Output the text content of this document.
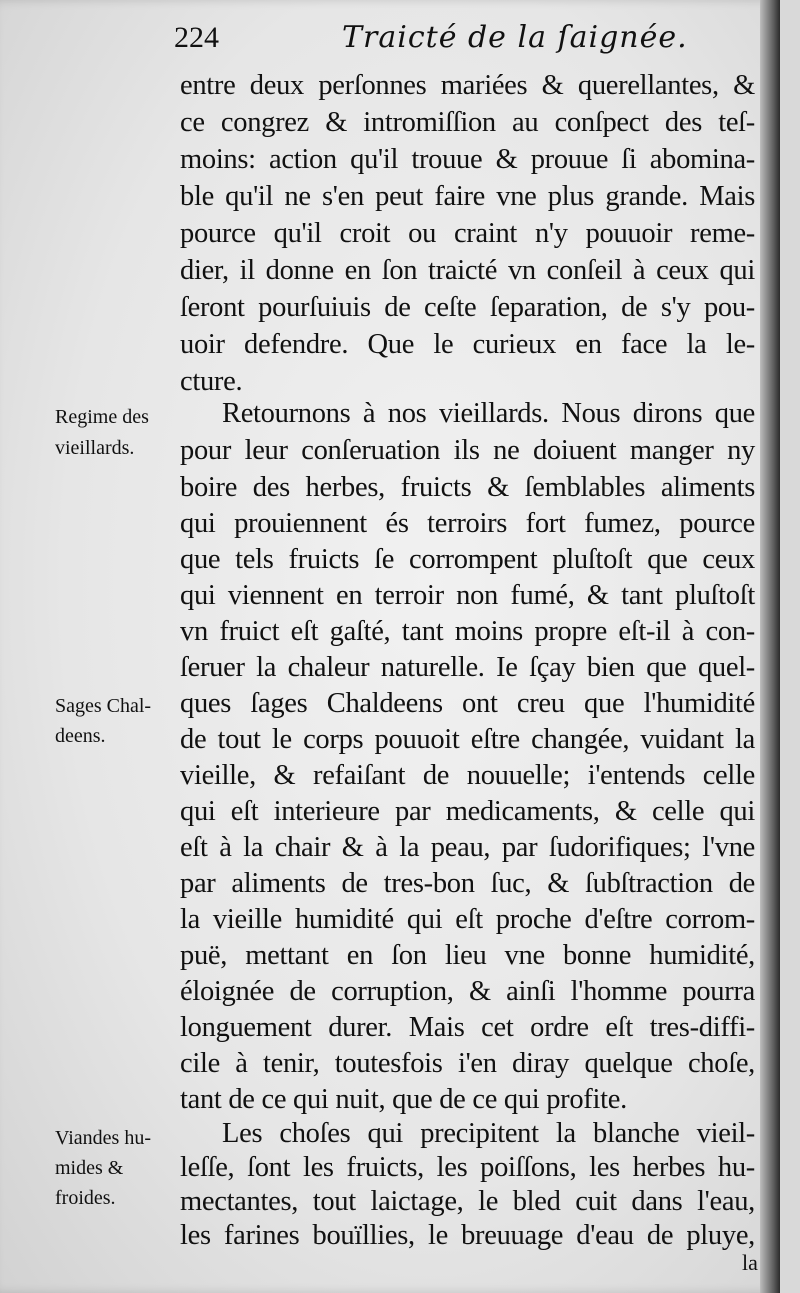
224	Traicté de la ſaignée.
entre deux perſonnes mariées & querellantes, &
ce congrez & intromiſſion au conſpect des teſ-
moins: action qu'il trouue & prouue ſi abomina-
ble qu'il ne s'en peut faire vne plus grande. Mais
pource qu'il croit ou craint n'y pouuoir reme-
dier, il donne en ſon traicté vn conſeil à ceux qui
ſeront pourſuiuis de ceſte ſeparation, de s'y pou-
uoir defendre. Que le curieux en face la le-
cture.
Retournons à nos vieillards. Nous dirons que
pour leur conſeruation ils ne doiuent manger ny
boire des herbes, fruicts & ſemblables aliments
qui prouiennent és terroirs fort fumez, pource
que tels fruicts ſe corrompent pluſtoſt que ceux
qui viennent en terroir non fumé, & tant pluſtoſt
vn fruict eſt gaſté, tant moins propre eſt-il à con-
ſeruer la chaleur naturelle. Ie ſçay bien que quel-
ques ſages Chaldeens ont creu que l'humidité
de tout le corps pouuoit eſtre changée, vuidant la
vieille, & refaiſant de nouuelle; i'entends celle
qui eſt interieure par medicaments, & celle qui
eſt à la chair & à la peau, par ſudorifiques; l'vne
par aliments de tres-bon ſuc, & ſubſtraction de
la vieille humidité qui eſt proche d'eſtre corrom-
puë, mettant en ſon lieu vne bonne humidité,
éloignée de corruption, & ainſi l'homme pourra
longuement durer. Mais cet ordre eſt tres-diffi-
cile à tenir, toutesfois i'en diray quelque choſe,
tant de ce qui nuit, que de ce qui profite.
Les choſes qui precipitent la blanche vieil-
leſſe, ſont les fruicts, les poiſſons, les herbes hu-
mectantes, tout laictage, le bled cuit dans l'eau,
les farines bouïllies, le breuuage d'eau de pluye,
Regime des
vieillards.
Sages Chal-
deens.
Viandes hu-
mides &
froides.
la
